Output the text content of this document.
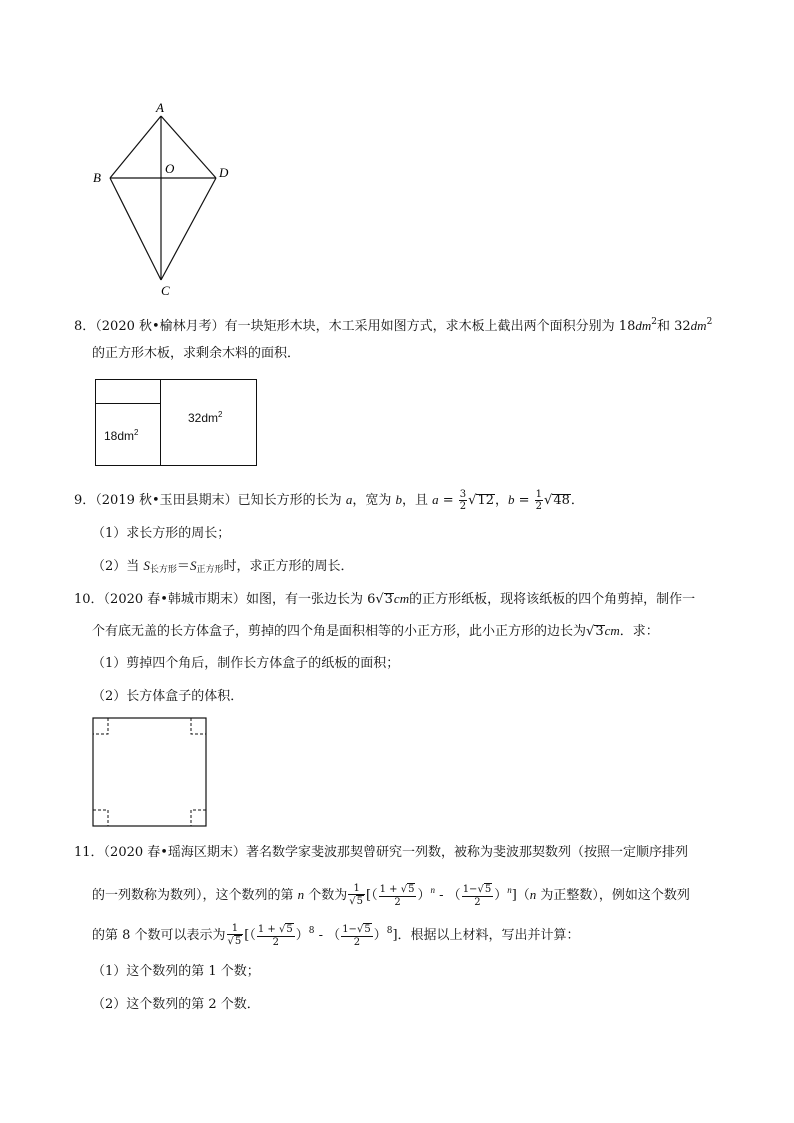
A
B
O	D
C
8．（2020 秋•榆林月考）有一块矩形木块，木工采用如图方式，求木板上截出两个面积分别为 $18dm^2$和 $32dm^2$
的正方形木板，求剩余木料的面积．
$18dm^2$
$32dm^2$
9．（2019 秋•玉田县期末）已知长方形的长为 a，宽为 b，且 $a = \frac{3}{2} √12$，$b = \frac{1}{2} √48$．
（1）求长方形的周长；
（2）当 $S_{长方形}=S_{正方形}$时，求正方形的周长．
10．（2020 春•韩城市期末）如图，有一张边长为 6√3cm的正方形纸板，现将该纸板的四个角剪掉，制作一
个有底无盖的长方体盒子，剪掉的四个角是面积相等的小正方形，此小正方形的边长为√3cm．求：
（1）剪掉四个角后，制作长方体盒子的纸板的面积；
（2）长方体盒子的体积．
11．（2020 春•瑶海区期末）著名数学家斐波那契曾研究一列数，被称为斐波那契数列（按照一定顺序排列
的一列数称为数列），这个数列的第 n 个数为 $\frac{1}{√5}$ [（ $\frac{1 + √5}{2} )^n$ - （ $\frac{1-√5}{2} )^n](n$ 为正整数），例如这个数列
的第 8 个数可以表示为 $\frac{1}{√5}$ [（ $\frac{1 + √5}{2} )^8$ - （ $\frac{1-√5}{2} )^8$]．根据以上材料，写出并计算：
（1）这个数列的第 1 个数；
（2）这个数列的第 2 个数．
